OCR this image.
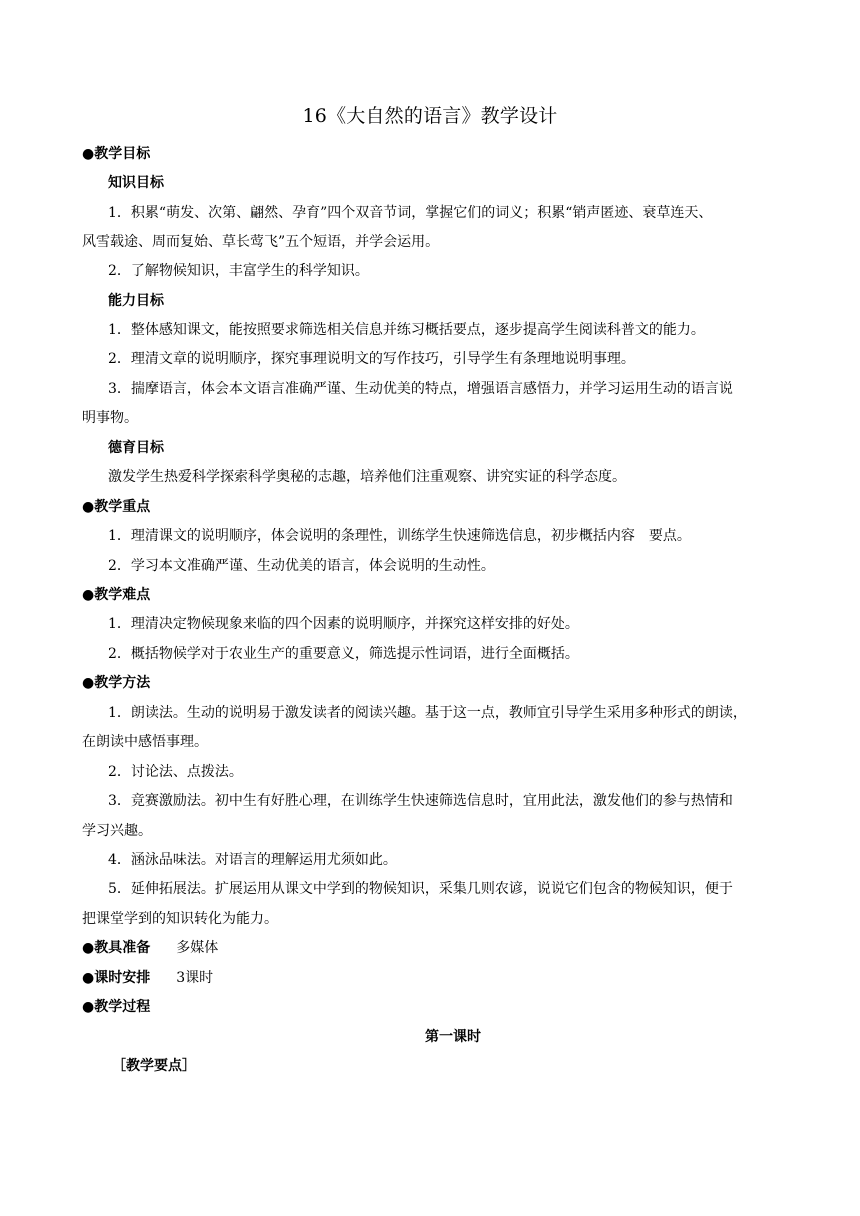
16《大自然的语言》教学设计
●教学目标
知识目标
1．积累“萌发、次第、翩然、孕育”四个双音节词，掌握它们的词义；积累“销声匿迹、衰草连天、
风雪载途、周而复始、草长莺飞”五个短语，并学会运用。
2．了解物候知识，丰富学生的科学知识。
能力目标
1．整体感知课文，能按照要求筛选相关信息并练习概括要点，逐步提高学生阅读科普文的能力。
2．理清文章的说明顺序，探究事理说明文的写作技巧，引导学生有条理地说明事理。
3．揣摩语言，体会本文语言准确严谨、生动优美的特点，增强语言感悟力，并学习运用生动的语言说
明事物。
德育目标
激发学生热爱科学探索科学奥秘的志趣，培养他们注重观察、讲究实证的科学态度。
●教学重点
1．理清课文的说明顺序，体会说明的条理性，训练学生快速筛选信息，初步概括内容　要点。
2．学习本文准确严谨、生动优美的语言，体会说明的生动性。
●教学难点
1．理清决定物候现象来临的四个因素的说明顺序，并探究这样安排的好处。
2．概括物候学对于农业生产的重要意义，筛选提示性词语，进行全面概括。
●教学方法
1．朗读法。生动的说明易于激发读者的阅读兴趣。基于这一点，教师宜引导学生采用多种形式的朗读，
在朗读中感悟事理。
2．讨论法、点拨法。
3．竞赛激励法。初中生有好胜心理，在训练学生快速筛选信息时，宜用此法，激发他们的参与热情和
学习兴趣。
4．涵泳品味法。对语言的理解运用尤须如此。
5．延伸拓展法。扩展运用从课文中学到的物候知识，采集几则农谚，说说它们包含的物候知识，便于
把课堂学到的知识转化为能力。
●教具准备 多媒体
●课时安排 3课时
●教学过程
第一课时
［教学要点］
